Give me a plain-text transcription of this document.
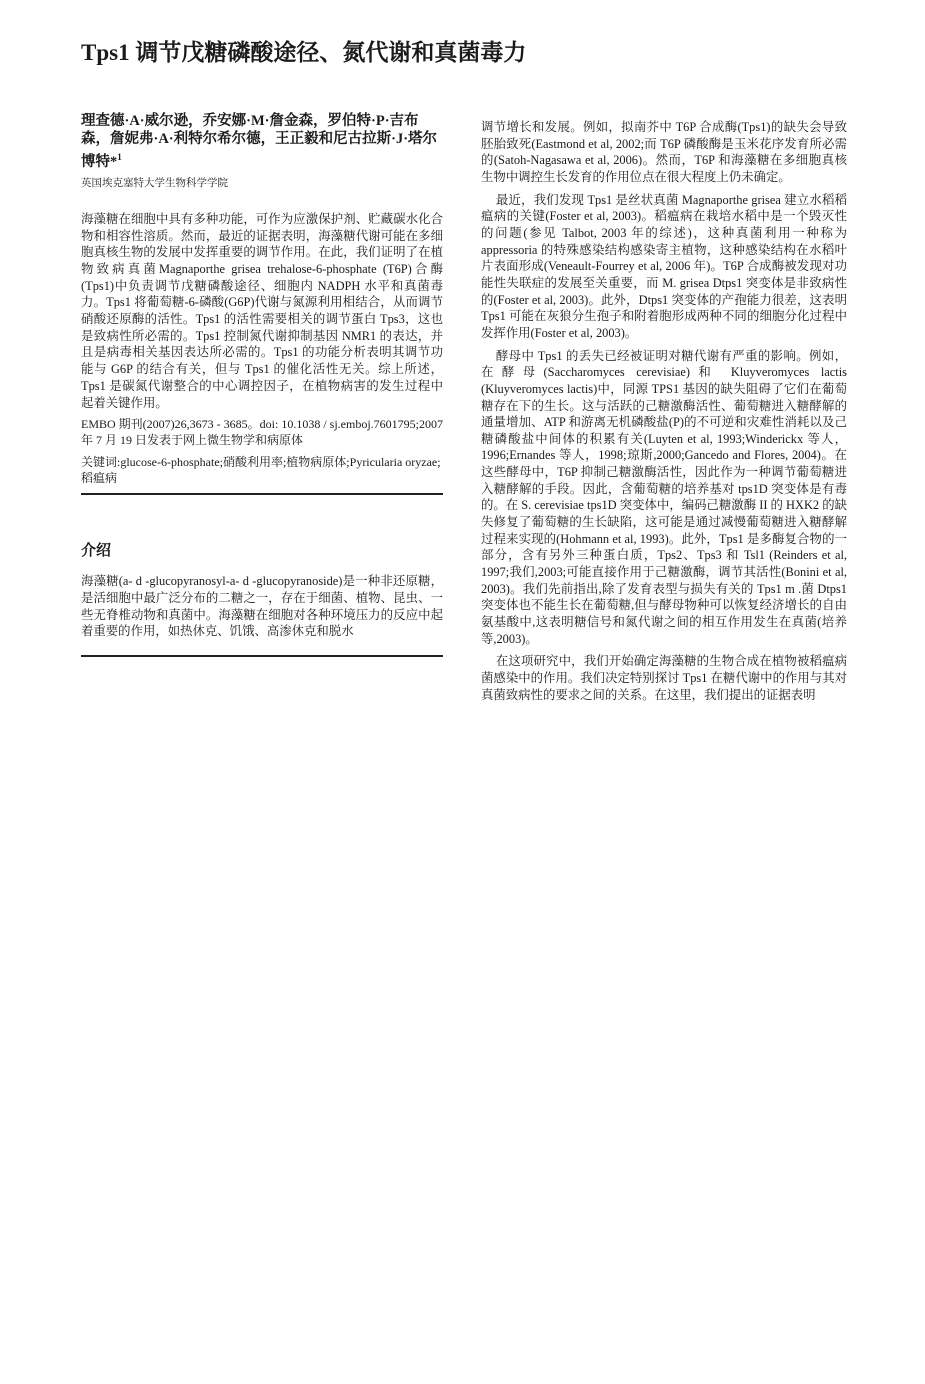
Tps1 调节戊糖磷酸途径、氮代谢和真菌毒力

理查德·A·威尔逊，乔安娜·M·詹金森，罗伯特·P·吉布森，詹妮弗·A·利特尔希尔德，王正毅和尼古拉斯·J·塔尔博特*$^1$

英国埃克塞特大学生物科学学院

海藻糖在细胞中具有多种功能，可作为应激保护剂、贮藏碳水化合物和相容性溶质。然而，最近的证据表明，海藻糖代谢可能在多细胞真核生物的发展中发挥重要的调节作用。在此，我们证明了在植物致病真菌Magnaporthe grisea trehalose-6-phosphate (T6P)合酶(Tps1)中负责调节戊糖磷酸途径、细胞内 NADPH 水平和真菌毒力。Tps1 将葡萄糖-6-磷酸(G6P)代谢与氮源利用相结合，从而调节硝酸还原酶的活性。Tps1 的活性需要相关的调节蛋白 Tps3，这也是致病性所必需的。Tps1 控制氮代谢抑制基因 NMR1 的表达，并且是病毒相关基因表达所必需的。Tps1 的功能分析表明其调节功能与 G6P 的结合有关，但与 Tps1 的催化活性无关。综上所述，Tps1 是碳氮代谢整合的中心调控因子，在植物病害的发生过程中起着关键作用。

EMBO 期刊(2007)26,3673 - 3685。doi: 10.1038 / sj.emboj.7601795;2007 年 7 月 19 日发表于网上微生物学和病原体

关键词:glucose-6-phosphate;硝酸利用率;植物病原体;Pyricularia oryzae;稻瘟病

介绍

海藻糖(a- d -glucopyranosyl-a- d -glucopyranoside)是一种非还原糖，是活细胞中最广泛分布的二糖之一，存在于细菌、植物、昆虫、一些无脊椎动物和真菌中。海藻糖在细胞对各种环境压力的反应中起着重要的作用，如热休克、饥饿、高渗休克和脱水

调节增长和发展。例如，拟南芥中 T6P 合成酶(Tps1)的缺失会导致胚胎致死(Eastmond et al, 2002;而 T6P 磷酸酶是玉米花序发育所必需的(Satoh-Nagasawa et al, 2006)。然而，T6P 和海藻糖在多细胞真核生物中调控生长发育的作用位点在很大程度上仍未确定。

最近，我们发现 Tps1 是丝状真菌 Magnaporthe grisea 建立水稻稻瘟病的关键(Foster et al, 2003)。稻瘟病在栽培水稻中是一个毁灭性的问题(参见 Talbot, 2003 年的综述)，这种真菌利用一种称为 appressoria 的特殊感染结构感染寄主植物，这种感染结构在水稻叶片表面形成(Veneault-Fourrey et al, 2006 年)。T6P 合成酶被发现对功能性失联症的发展至关重要，而 M. grisea Dtps1 突变体是非致病性的(Foster et al, 2003)。此外，Dtps1 突变体的产孢能力很差，这表明 Tps1 可能在灰狼分生孢子和附着胞形成两种不同的细胞分化过程中发挥作用(Foster et al, 2003)。

酵母中 Tps1 的丢失已经被证明对糖代谢有严重的影响。例如，在酵母(Saccharomyces cerevisiae)和 Kluyveromyces lactis (Kluyveromyces lactis)中，同源 TPS1 基因的缺失阻碍了它们在葡萄糖存在下的生长。这与活跃的己糖激酶活性、葡萄糖进入糖酵解的通量增加、ATP 和游离无机磷酸盐(P)的不可逆和灾难性消耗以及己糖磷酸盐中间体的积累有关(Luyten et al, 1993;Winderickx 等人，1996;Ernandes 等人，1998;琼斯,2000;Gancedo and Flores, 2004)。在这些酵母中，T6P 抑制己糖激酶活性，因此作为一种调节葡萄糖进入糖酵解的手段。因此，含葡萄糖的培养基对 tps1D 突变体是有毒的。在 S. cerevisiae tps1D 突变体中，编码己糖激酶 II 的 HXK2 的缺失修复了葡萄糖的生长缺陷，这可能是通过减慢葡萄糖进入糖酵解过程来实现的(Hohmann et al, 1993)。此外，Tps1 是多酶复合物的一部分，含有另外三种蛋白质，Tps2、Tps3 和 Tsl1 (Reinders et al, 1997;我们,2003;可能直接作用于己糖激酶，调节其活性(Bonini et al, 2003)。我们先前指出,除了发育表型与损失有关的 Tps1 m .菌 Dtps1 突变体也不能生长在葡萄糖,但与酵母物种可以恢复经济增长的自由氨基酸中,这表明糖信号和氮代谢之间的相互作用发生在真菌(培养等,2003)。

在这项研究中，我们开始确定海藻糖的生物合成在植物被稻瘟病菌感染中的作用。我们决定特别探讨 Tps1 在糖代谢中的作用与其对真菌致病性的要求之间的关系。在这里，我们提出的证据表明
